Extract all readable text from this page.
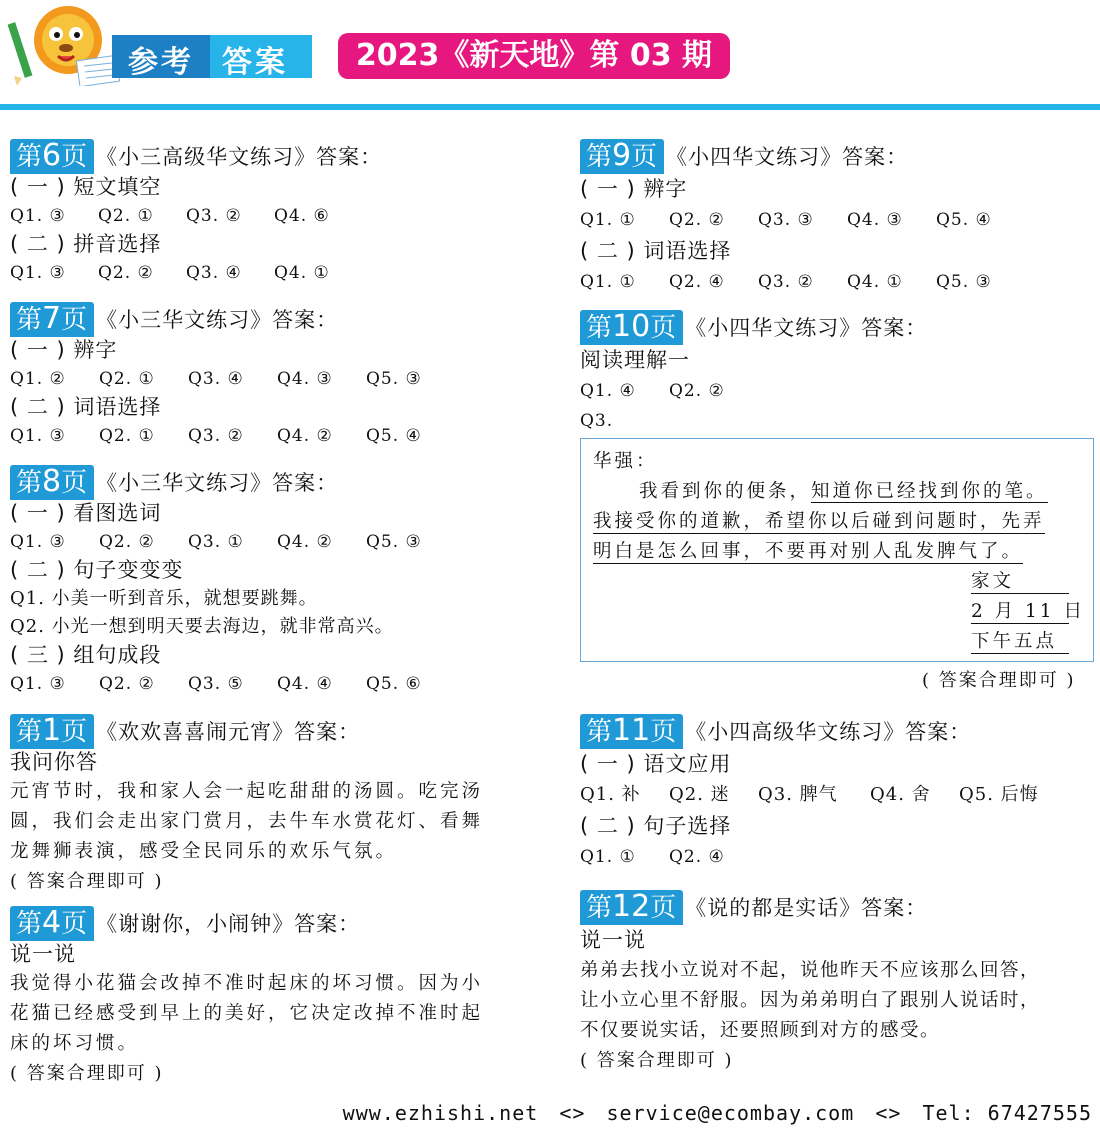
参考 答案	2023《新天地》第 03 期
第6页 《小三高级华文练习》答案：
( 一 ) 短文填空
Q1. ③ Q2. ① Q3. ② Q4. ⑥
( 二 ) 拼音选择
Q1. ③ Q2. ② Q3. ④ Q4. ①
第7页 《小三华文练习》答案：
( 一 ) 辨字
Q1. ② Q2. ① Q3. ④ Q4. ③ Q5. ③
( 二 ) 词语选择
Q1. ③ Q2. ① Q3. ② Q4. ② Q5. ④
第8页 《小三华文练习》答案：
( 一 ) 看图选词
Q1. ③ Q2. ② Q3. ① Q4. ② Q5. ③
( 二 ) 句子变变变
Q1. 小美一听到音乐，就想要跳舞。
Q2. 小光一想到明天要去海边，就非常高兴。
( 三 ) 组句成段
Q1. ③ Q2. ② Q3. ⑤ Q4. ④ Q5. ⑥
第1页 《欢欢喜喜闹元宵》答案：
我问你答
元宵节时，我和家人会一起吃甜甜的汤圆。吃完汤
圆，我们会走出家门赏月，去牛车水赏花灯、看舞
龙舞狮表演，感受全民同乐的欢乐气氛。
( 答案合理即可 )
第4页 《谢谢你，小闹钟》答案：
说一说
我觉得小花猫会改掉不准时起床的坏习惯。因为小
花猫已经感受到早上的美好，它决定改掉不准时起
床的坏习惯。
( 答案合理即可 )
第9页 《小四华文练习》答案：
( 一 ) 辨字
Q1. ① Q2. ② Q3. ③ Q4. ③ Q5. ④
( 二 ) 词语选择
Q1. ① Q2. ④ Q3. ② Q4. ① Q5. ③
第10页 《小四华文练习》答案：
阅读理解一
Q1. ④ Q2. ②
Q3.
华强：
我看到你的便条，知道你已经找到你的笔。
我接受你的道歉，希望你以后碰到问题时，先弄
明白是怎么回事，不要再对别人乱发脾气了。
家文
2 月 11 日
下午五点
( 答案合理即可 )
第11页 《小四高级华文练习》答案：
( 一 ) 语文应用
Q1. 补 Q2. 迷 Q3. 脾气 Q4. 舍 Q5. 后悔
( 二 ) 句子选择
Q1. ① Q2. ④
第12页 《说的都是实话》答案：
说一说
弟弟去找小立说对不起，说他昨天不应该那么回答，
让小立心里不舒服。因为弟弟明白了跟别人说话时，
不仅要说实话，还要照顾到对方的感受。
( 答案合理即可 )
www.ezhishi.net <> service@ecombay.com <> Tel: 67427555
